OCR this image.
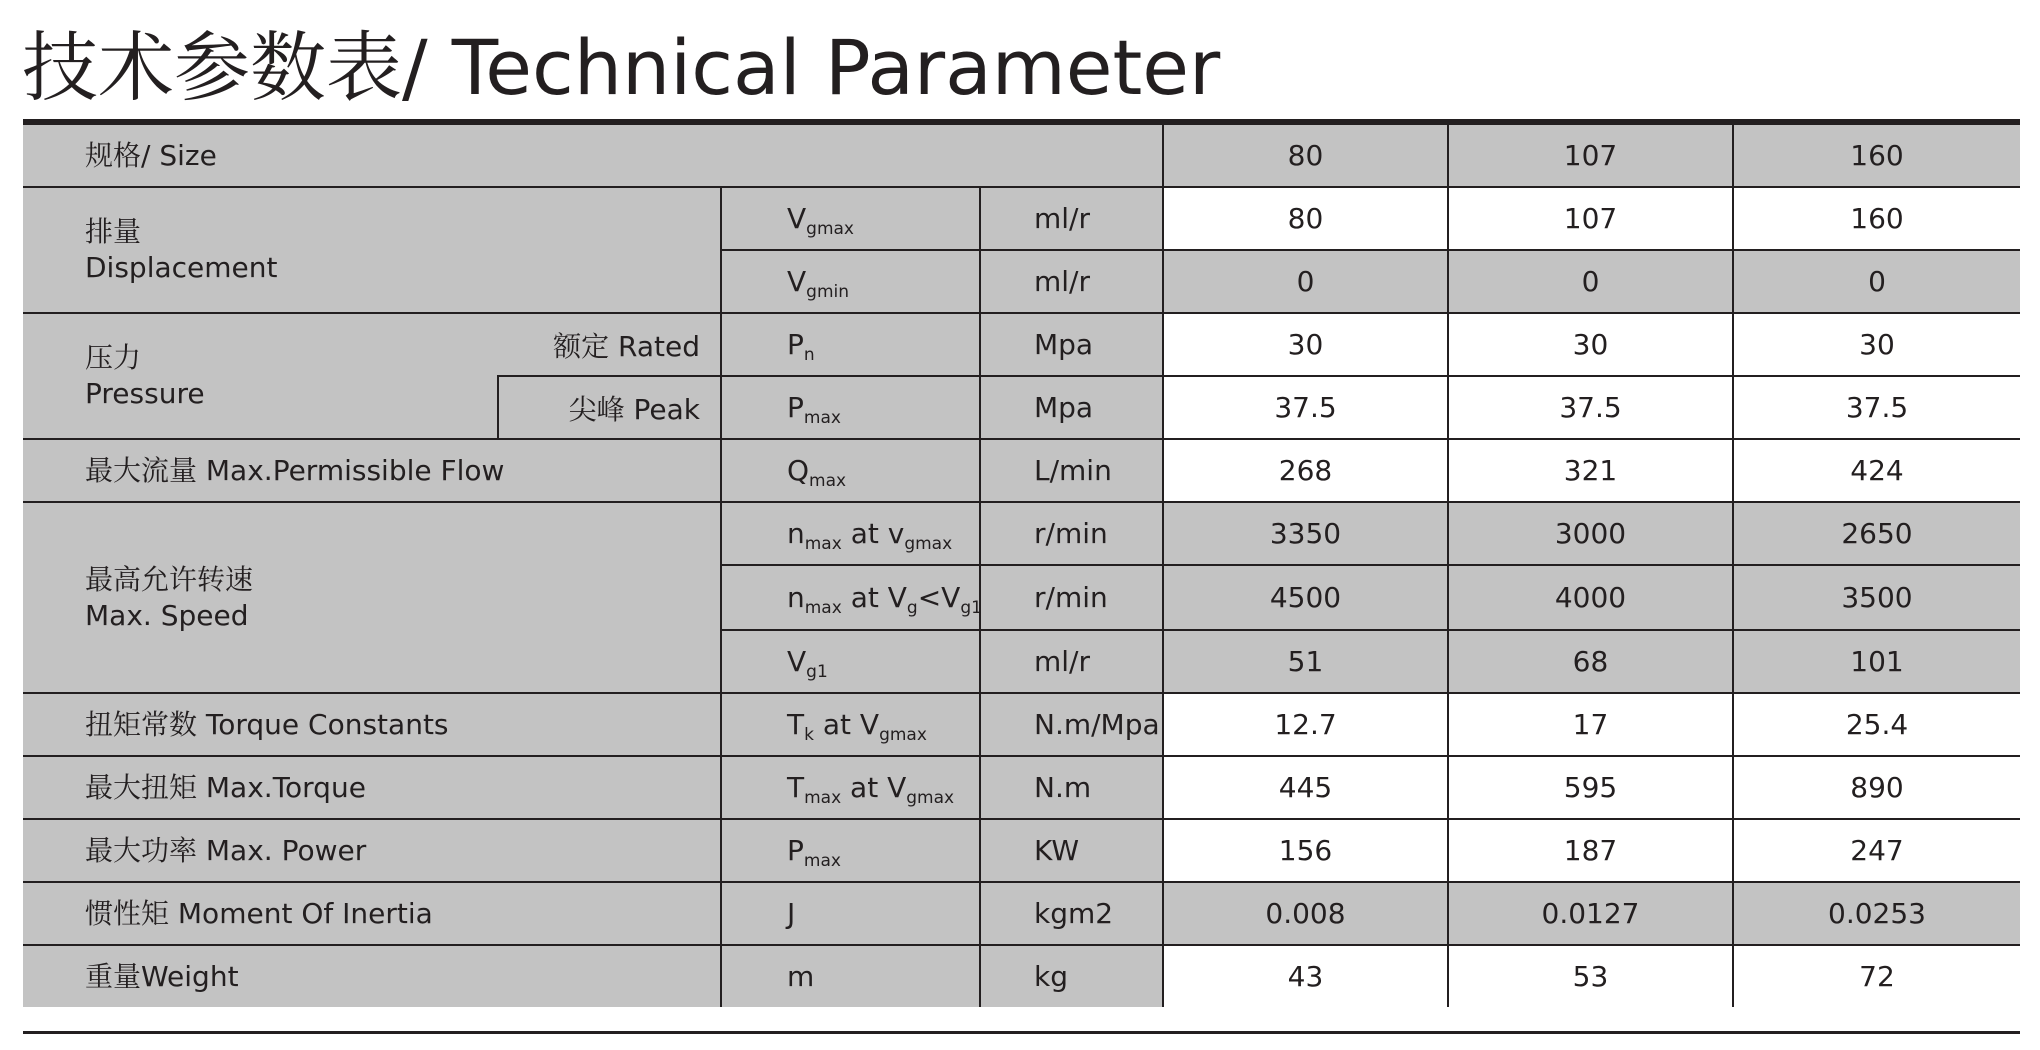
技术参数表/ Technical Parameter
规格/ Size				80	107	160

排量
Displacement		$V_{gmax}$	ml/r	80	107	160
		$V_{gmin}$	ml/r	0	0	0

压力
Pressure	额定 Rated	$P_n$	Mpa	30	30	30
	尖峰 Peak	$P_{max}$	Mpa	37.5	37.5	37.5
最大流量 Max.Permissible Flow		$Q_{max}$	L/min	268	321	424

最高允许转速
Max. Speed		$n_{max}$ at $v_{gmax}$	r/min	3350	3000	2650
		$n_{max}$ at $V_g<V_{g1}$	r/min	4500	4000	3500
		$V_{g1}$	ml/r	51	68	101
扭矩常数 Torque Constants		$T_k$ at $V_{gmax}$	N.m/Mpa	12.7	17	25.4
最大扭矩 Max.Torque		$T_{max}$ at $V_{gmax}$	N.m	445	595	890
最大功率 Max. Power		$P_{max}$	KW	156	187	247
惯性矩 Moment Of Inertia		J	kgm2	0.008	0.0127	0.0253
重量Weight		m	kg	43	53	72
